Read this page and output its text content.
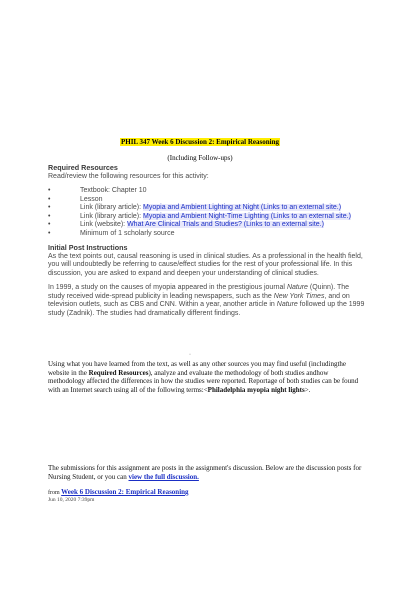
PHIL 347 Week 6 Discussion 2: Empirical Reasoning
(Including Follow-ups)
Required Resources
Read/review the following resources for this activity:
•	Textbook: Chapter 10
•	Lesson
•	Link (library article): Myopia and Ambient Lighting at Night (Links to an external site.)
•	Link (library article): Myopia and Ambient Night-Time Lighting (Links to an external site.)
•	Link (website): What Are Clinical Trials and Studies? (Links to an external site.)
•	Minimum of 1 scholarly source
Initial Post Instructions

As the text points out, causal reasoning is used in clinical studies. As a professional in the health field, you will undoubtedly be referring to cause/effect studies for the rest of your professional life. In this discussion, you are asked to expand and deepen your understanding of clinical studies.

In 1999, a study on the causes of myopia appeared in the prestigious journal Nature (Quinn). The study received wide-spread publicity in leading newspapers, such as the New York Times, and on television outlets, such as CBS and CNN. Within a year, another article in Nature followed up the 1999 study (Zadnik). The studies had dramatically different findings.

·
Using what you have learned from the text, as well as any other sources you may find useful (includingthe website in the Required Resources), analyze and evaluate the methodology of both studies andhow methodology affected the differences in how the studies were reported. Reportage of both studies can be found with an Internet search using all of the following terms:<Philadelphia myopia night lights>.
The submissions for this assignment are posts in the assignment's discussion. Below are the discussion posts for Nursing Student, or you can view the full discussion.
from Week 6 Discussion 2: Empirical Reasoning
Jun 10, 2020 7:39pm
